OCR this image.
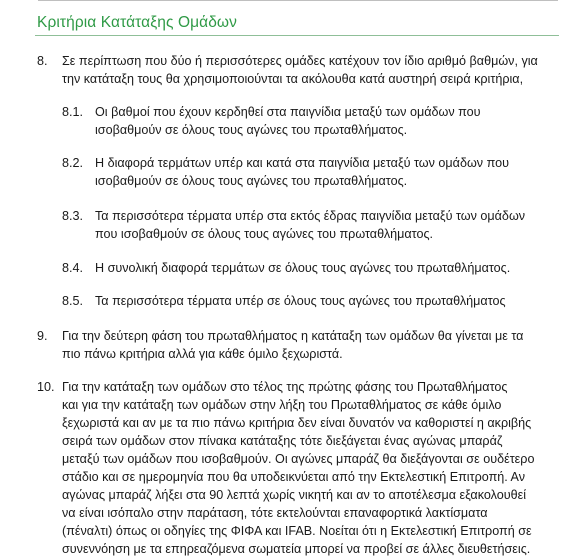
Κριτήρια Κατάταξης Ομάδων
8. Σε περίπτωση που δύο ή περισσότερες ομάδες κατέχουν τον ίδιο αριθμό βαθμών, για
την κατάταξη τους θα χρησιμοποιούνται τα ακόλουθα κατά αυστηρή σειρά κριτήρια,
8.1. Οι βαθμοί που έχουν κερδηθεί στα παιγνίδια μεταξύ των ομάδων που
ισοβαθμούν σε όλους τους αγώνες του πρωταθλήματος.
8.2. Η διαφορά τερμάτων υπέρ και κατά στα παιγνίδια μεταξύ των ομάδων που
ισοβαθμούν σε όλους τους αγώνες του πρωταθλήματος.
8.3. Τα περισσότερα τέρματα υπέρ στα εκτός έδρας παιγνίδια μεταξύ των ομάδων
που ισοβαθμούν σε όλους τους αγώνες του πρωταθλήματος.
8.4. Η συνολική διαφορά τερμάτων σε όλους τους αγώνες του πρωταθλήματος.
8.5. Τα περισσότερα τέρματα υπέρ σε όλους τους αγώνες του πρωταθλήματος
9. Για την δεύτερη φάση του πρωταθλήματος η κατάταξη των ομάδων θα γίνεται με τα
πιο πάνω κριτήρια αλλά για κάθε όμιλο ξεχωριστά.
10. Για την κατάταξη των ομάδων στο τέλος της πρώτης φάσης του Πρωταθλήματος
και για την κατάταξη των ομάδων στην λήξη του Πρωταθλήματος σε κάθε όμιλο
ξεχωριστά και αν με τα πιο πάνω κριτήρια δεν είναι δυνατόν να καθοριστεί η ακριβής
σειρά των ομάδων στον πίνακα κατάταξης τότε διεξάγεται ένας αγώνας μπαράζ
μεταξύ των ομάδων που ισοβαθμούν. Οι αγώνες μπαράζ θα διεξάγονται σε ουδέτερο
στάδιο και σε ημερομηνία που θα υποδεικνύεται από την Εκτελεστική Επιτροπή. Αν
αγώνας μπαράζ λήξει στα 90 λεπτά χωρίς νικητή και αν το αποτέλεσμα εξακολουθεί
να είναι ισόπαλο στην παράταση, τότε εκτελούνται επαναφορτικά λακτίσματα
(πέναλτι) όπως οι οδηγίες της ΦΙΦΑ και IFAB. Νοείται ότι η Εκτελεστική Επιτροπή σε
συνεννόηση με τα επηρεαζόμενα σωματεία μπορεί να προβεί σε άλλες διευθετήσεις.
